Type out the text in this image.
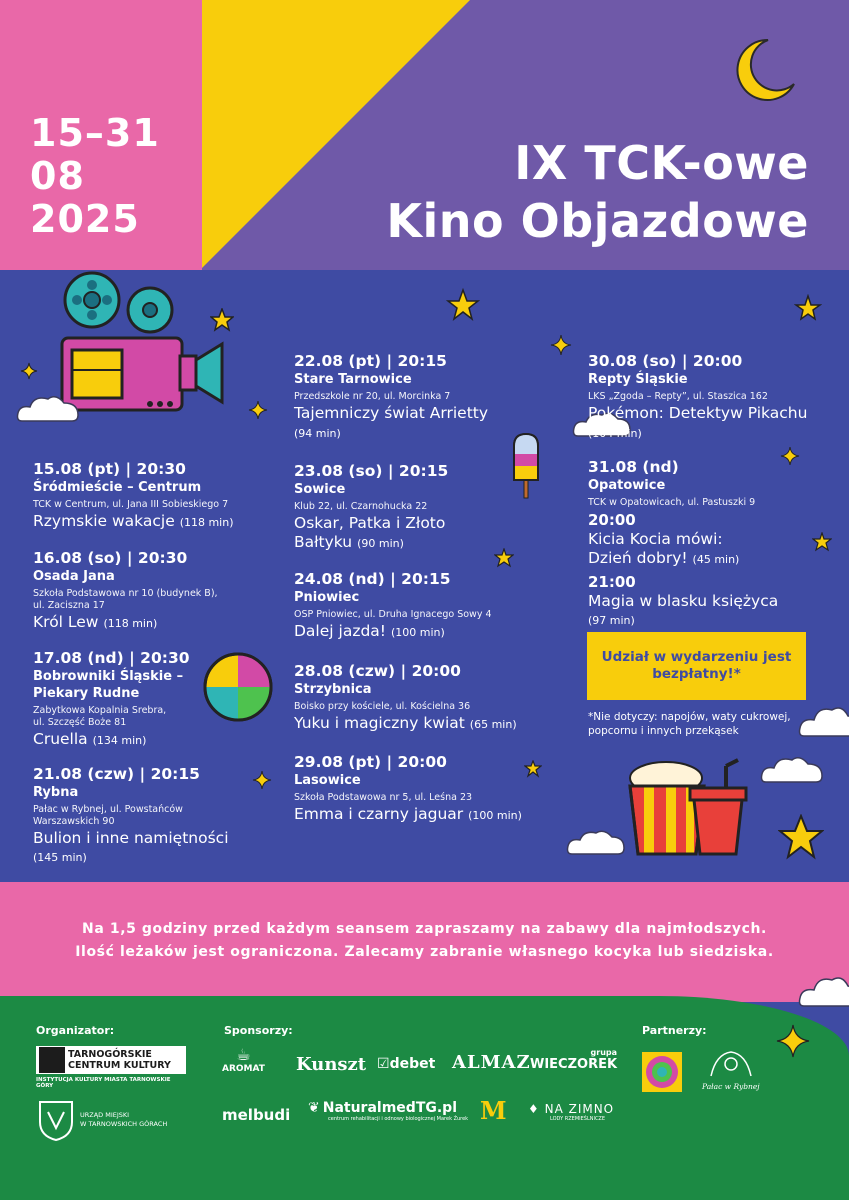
15–31
08
2025
IX TCK-owe
Kino Objazdowe
15.08 (pt) | 20:30
Śródmieście – Centrum
TCK w Centrum, ul. Jana III Sobieskiego 7
Rzymskie wakacje (118 min)
16.08 (so) | 20:30
Osada Jana
Szkoła Podstawowa nr 10 (budynek B),
ul. Zaciszna 17
Król Lew (118 min)
17.08 (nd) | 20:30
Bobrowniki Śląskie – Piekary Rudne
Zabytkowa Kopalnia Srebra,
ul. Szczęść Boże 81
Cruella (134 min)
21.08 (czw) | 20:15
Rybna
Pałac w Rybnej, ul. Powstańców
Warszawskich 90
Bulion i inne namiętności
(145 min)
22.08 (pt) | 20:15
Stare Tarnowice
Przedszkole nr 20, ul. Morcinka 7
Tajemniczy świat Arrietty (94 min)
23.08 (so) | 20:15
Sowice
Klub 22, ul. Czarnohucka 22
Oskar, Patka i Złoto Bałtyku (90 min)
24.08 (nd) | 20:15
Pniowiec
OSP Pniowiec, ul. Druha Ignacego Sowy 4
Dalej jazda! (100 min)
28.08 (czw) | 20:00
Strzybnica
Boisko przy kościele, ul. Kościelna 36
Yuku i magiczny kwiat (65 min)
29.08 (pt) | 20:00
Lasowice
Szkoła Podstawowa nr 5, ul. Leśna 23
Emma i czarny jaguar (100 min)
30.08 (so) | 20:00
Repty Śląskie
LKS „Zgoda – Repty”, ul. Staszica 162
Pokémon: Detektyw Pikachu (104 min)
31.08 (nd)
Opatowice
TCK w Opatowicach, ul. Pastuszki 9
20:00
Kicia Kocia mówi: Dzień dobry! (45 min)
21:00
Magia w blasku księżyca
(97 min)
Udział w wydarzeniu jest bezpłatny!*
*Nie dotyczy: napojów, waty cukrowej, popcornu i innych przekąsek
Na 1,5 godziny przed każdym seansem zapraszamy na zabawy dla najmłodszych.
Ilość leżaków jest ograniczona. Zalecamy zabranie własnego kocyka lub siedziska.
Organizator:	Sponsorzy:	Partnerzy:
TARNOGÓRSKIE
CENTRUM KULTURY
INSTYTUCJA KULTURY MIASTA TARNOWSKIE GÓRY
URZĄD MIEJSKI
W TARNOWSKICH GÓRACH
☕
AROMAT Kunszt ☑debet ALMAZ	grupa
WIECZOREK
melbudi ❦ NaturalmedTG.pl
centrum rehabilitacji i odnowy biologicznej Marek Żurek M ♦ NA ZIMNO
LODY RZEMIEŚLNICZE
Pałac w Rybnej
